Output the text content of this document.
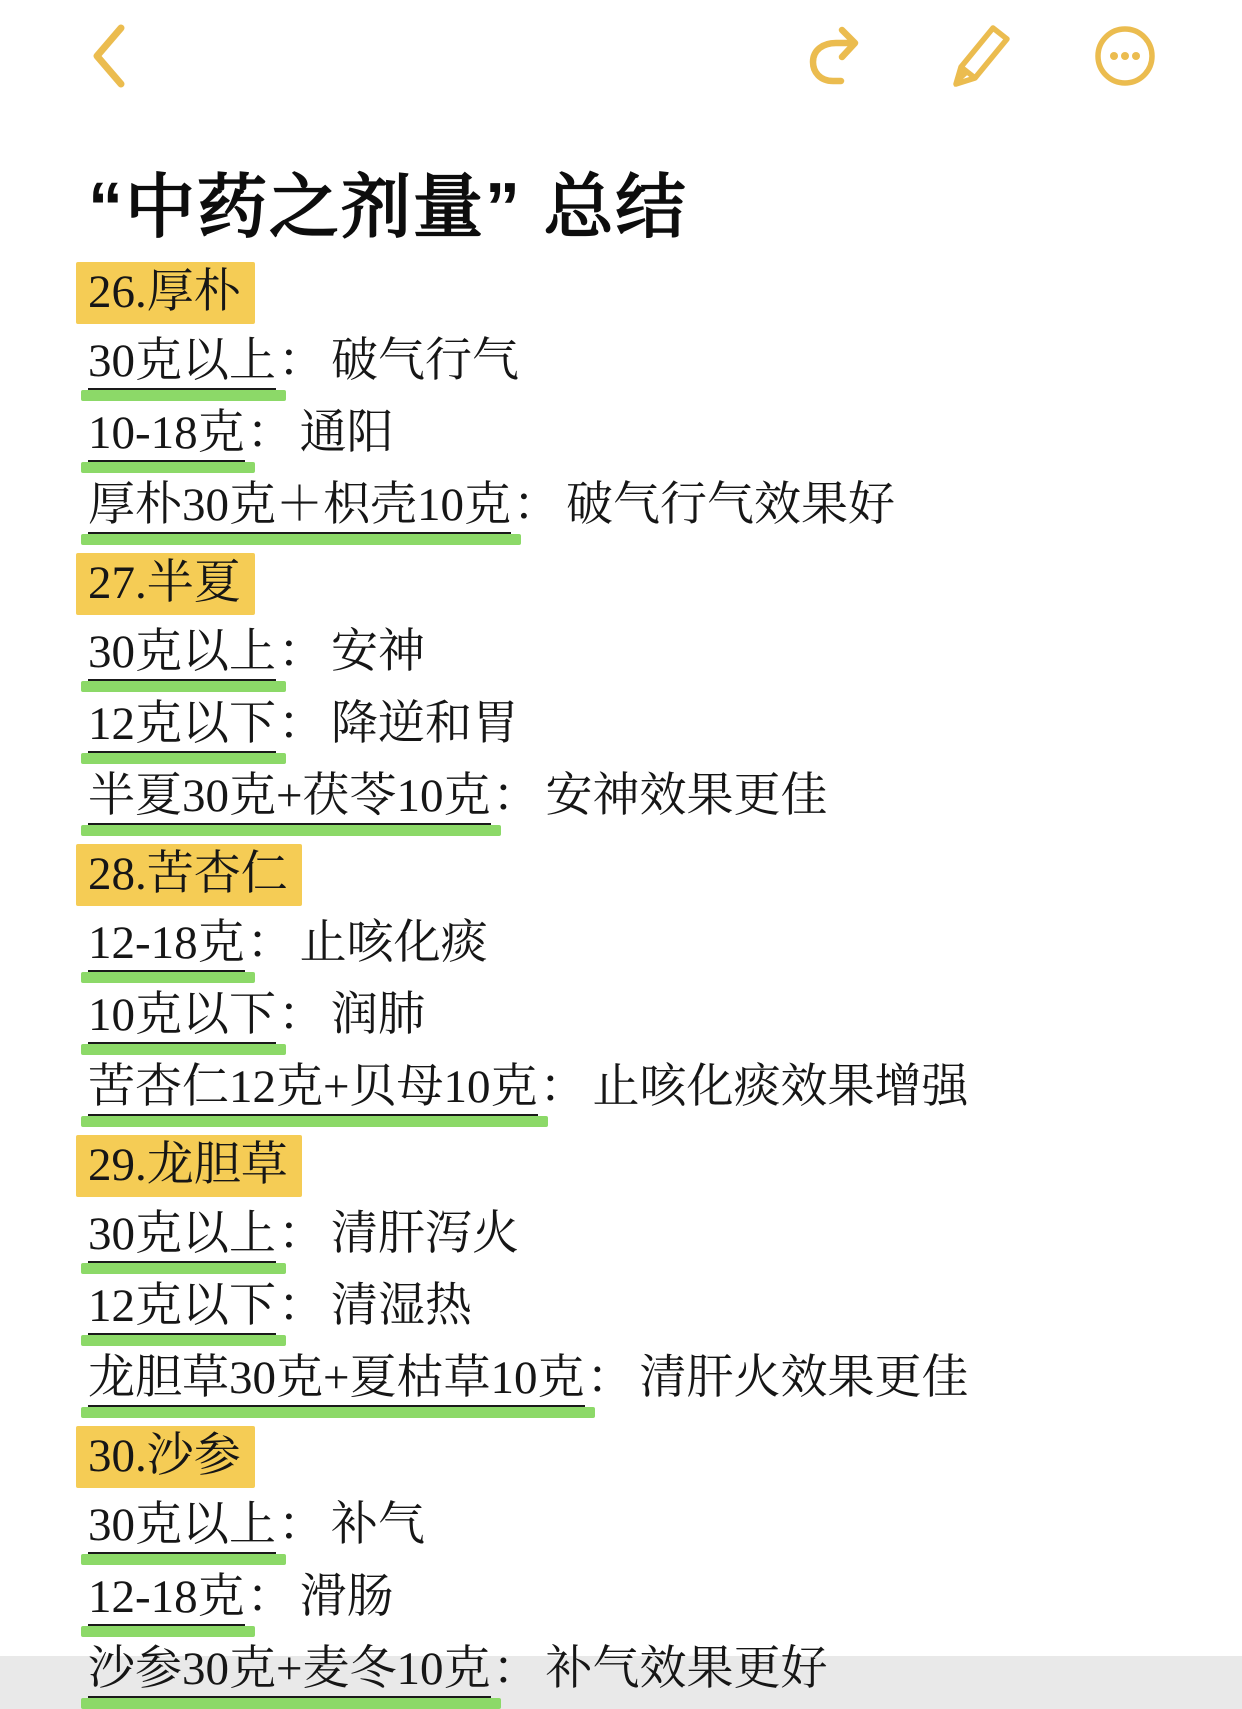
“中药之剂量” 总结
26.厚朴

30克以上： 破气行气

10-18克： 通阳

厚朴30克＋枳壳10克： 破气行气效果好

27.半夏

30克以上： 安神

12克以下： 降逆和胃

半夏30克+茯苓10克： 安神效果更佳

28.苦杏仁

12-18克： 止咳化痰

10克以下： 润肺

苦杏仁12克+贝母10克： 止咳化痰效果增强

29.龙胆草

30克以上： 清肝泻火

12克以下： 清湿热

龙胆草30克+夏枯草10克： 清肝火效果更佳

30.沙参

30克以上： 补气

12-18克： 滑肠

沙参30克+麦冬10克： 补气效果更好
